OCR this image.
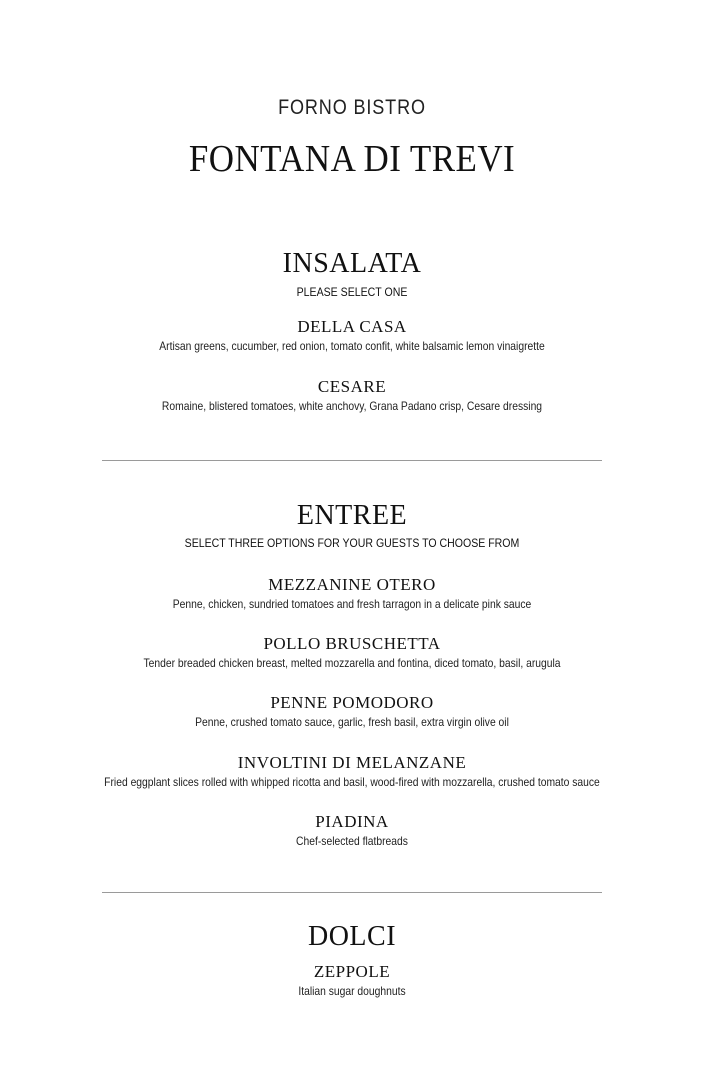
FORNO BISTRO
FONTANA DI TREVI
INSALATA
PLEASE SELECT ONE
DELLA CASA
Artisan greens, cucumber, red onion, tomato confit, white balsamic lemon vinaigrette
CESARE
Romaine, blistered tomatoes, white anchovy, Grana Padano crisp, Cesare dressing
ENTREE
SELECT THREE OPTIONS FOR YOUR GUESTS TO CHOOSE FROM
MEZZANINE OTERO
Penne, chicken, sundried tomatoes and fresh tarragon in a delicate pink sauce
POLLO BRUSCHETTA
Tender breaded chicken breast, melted mozzarella and fontina, diced tomato, basil, arugula
PENNE POMODORO
Penne, crushed tomato sauce, garlic, fresh basil, extra virgin olive oil
INVOLTINI DI MELANZANE
Fried eggplant slices rolled with whipped ricotta and basil, wood-fired with mozzarella, crushed tomato sauce
PIADINA
Chef-selected flatbreads
DOLCI
ZEPPOLE
Italian sugar doughnuts
